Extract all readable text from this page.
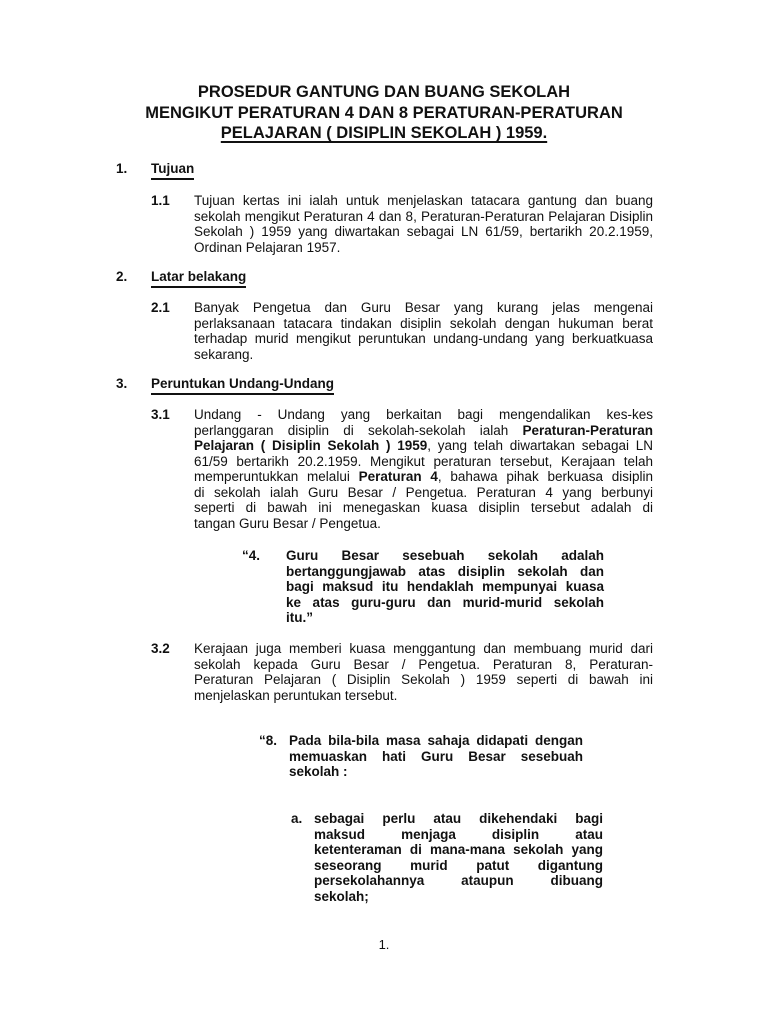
PROSEDUR GANTUNG DAN BUANG SEKOLAH
MENGIKUT PERATURAN 4 DAN 8 PERATURAN-PERATURAN
PELAJARAN ( DISIPLIN SEKOLAH ) 1959.
1. Tujuan
1.1 Tujuan kertas ini ialah untuk menjelaskan tatacara gantung dan buang sekolah mengikut Peraturan 4 dan 8, Peraturan-Peraturan Pelajaran Disiplin Sekolah ) 1959 yang diwartakan sebagai LN 61/59, bertarikh 20.2.1959, Ordinan Pelajaran 1957.
2. Latar belakang
2.1 Banyak Pengetua dan Guru Besar yang kurang jelas mengenai perlaksanaan tatacara tindakan disiplin sekolah dengan hukuman berat terhadap murid mengikut peruntukan undang-undang yang berkuatkuasa sekarang.
3. Peruntukan Undang-Undang
3.1 Undang - Undang yang berkaitan bagi mengendalikan kes-kes
perlanggaran disiplin di sekolah-sekolah ialah Peraturan-Peraturan
Pelajaran ( Disiplin Sekolah ) 1959, yang telah diwartakan sebagai LN
61/59 bertarikh 20.2.1959. Mengikut peraturan tersebut, Kerajaan telah
memperuntukkan melalui Peraturan 4, bahawa pihak berkuasa disiplin
di sekolah ialah Guru Besar / Pengetua. Peraturan 4 yang berbunyi
seperti di bawah ini menegaskan kuasa disiplin tersebut adalah di
tangan Guru Besar / Pengetua.
“4. Guru Besar sesebuah sekolah adalah
bertanggungjawab atas disiplin sekolah dan
bagi maksud itu hendaklah mempunyai kuasa
ke atas guru-guru dan murid-murid sekolah
itu.”
3.2 Kerajaan juga memberi kuasa menggantung dan membuang murid dari
sekolah kepada Guru Besar / Pengetua. Peraturan 8, Peraturan-
Peraturan Pelajaran ( Disiplin Sekolah ) 1959 seperti di bawah ini
menjelaskan peruntukan tersebut.
“8. Pada bila-bila masa sahaja didapati dengan
memuaskan hati Guru Besar sesebuah
sekolah :
a. sebagai perlu atau dikehendaki bagi
maksud menjaga disiplin atau
ketenteraman di mana-mana sekolah yang
seseorang murid patut digantung
persekolahannya ataupun dibuang
sekolah;
1.
